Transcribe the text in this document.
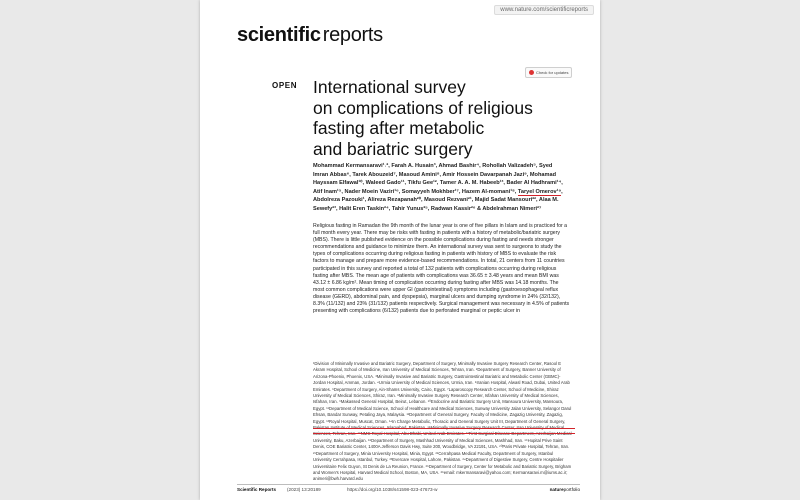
www.nature.com/scientificreports
scientific reports
OPEN
Check for updates
International survey
on complications of religious
fasting after metabolic
and bariatric surgery
Mohammad Kermansaravi¹˒², Farah A. Husain³, Ahmad Bashir⁴, Rohollah Valizadeh⁵, Syed Imran Abbas⁶, Tarek Abouzeid⁷, Masoud Amini⁸, Amir Hossein Davarpanah Jazi⁹, Mohamad Hayssam Elfawal¹⁰, Waleed Gado¹¹, Tikfu Gee¹², Tamer A. A. M. Habeeb¹³, Bader Al Hadhrami¹⁴, Atif Inam¹⁵, Nader Moein Vaziri¹⁶, Somayyeh Mokhber¹⁷, Hazem Al-momani¹⁸, Taryel Omerov¹⁹, Abdolreza Pazouki¹, Alireza Rezapanah²⁰, Masoud Rezvani²¹, Majid Sadat Mansouri²², Alaa M. Sewefy²³, Halit Eren Taskin²⁴, Tahir Yunus²⁵, Radwan Kassir²⁶ & Abdelrahman Nimeri²⁷
Religious fasting in Ramadan the 9th month of the lunar year is one of five pillars in Islam and is practiced for a full month every year. There may be risks with fasting in patients with a history of metabolic/bariatric surgery (MBS). There is little published evidence on the possible complications during fasting and needs stronger recommendations and guidance to minimize them. An international survey was sent to surgeons to study the types of complications occurring during religious fasting in patients with history of MBS to evaluate the risk factors to manage and prepare more evidence-based recommendations. In total, 21 centers from 11 countries participated in this survey and reported a total of 132 patients with complications occurring during religious fasting after MBS. The mean age of patients with complications was 36.65 ± 3.48 years and mean BMI was 43.12 ± 6.86 kg/m². Mean timing of complication occurring during fasting after MBS was 14.18 months. The most common complications were upper GI (gastrointestinal) symptoms including (gastroesophageal reflux disease (GERD), abdominal pain, and dyspepsia), marginal ulcers and dumping syndrome in 24% (32/132), 8.3% (11/132) and 23% (31/132) patients respectively. Surgical management was necessary in 4.5% of patients presenting with complications (6/132) patients due to perforated marginal or peptic ulcer in
¹Division of Minimally Invasive and Bariatric Surgery, Department of Surgery, Minimally Invasive Surgery Research Center, Rasool E Akram Hospital, School of Medicine, Iran University of Medical Sciences, Tehran, Iran. ²Department of Surgery, Banner University of Arizona-Phoenix, Phoenix, USA. ³Minimally Invasive and Bariatric Surgery, Gastrointestinal Bariatric and Metabolic Center (GBMC)-Jordan Hospital, Amman, Jordan. ⁴Urmia University of Medical Sciences, Urmia, Iran. ⁵Iranian Hospital, Alwasl Road, Dubai, United Arab Emirates. ⁶Department of Surgery, Ain-Shams University, Cairo, Egypt. ⁷Laparoscopy Research Center, School of Medicine, Shiraz University of Medical Sciences, Shiraz, Iran. ⁸Minimally Invasive Surgery Research Center, Isfahan University of Medical Sciences, Isfahan, Iran. ⁹Makassed General Hospital, Beirut, Lebanon. ¹⁰Endocrine and Bariatric Surgery Unit, Mansoura University, Mansoura, Egypt. ¹¹Department of Medical Science, School of Healthcare and Medical Sciences, Sunway University Jalan University, Selangor Darul Ehsan, Bandar Sunway, Petaling Jaya, Malaysia. ¹²Department of General Surgery, Faculty of Medicine, Zagazig University, Zagazig, Egypt. ¹³Royal Hospital, Muscat, Oman. ¹⁴In Charge Metabolic, Thoracic and General Surgery Unit III, Department of General Surgery, Pakistan Institute of Medical Sciences, Islamabad, Pakistan. ¹⁵Minimally Invasive Surgery Research Center, Iran University of Medical Sciences, Tehran, Iran. ¹⁶NMC Royal Hospital, Abu Dhabi, United Arab Emirates. ¹⁷First Surgical Disease Department, Azerbaijan Medical University, Baku, Azerbaijan. ¹⁸Department of Surgery, Mashhad University of Medical Sciences, Mashhad, Iran. ¹⁹Hopital Prive Saint Denis, COE Bariatric Center, 1400A Jefferson Davis Hwy, Suite 200, Woodbridge, VA 22191, USA. ²⁰Paris Private Hospital, Tehran, Iran. ²¹Department of Surgery, Minia University Hospital, Minia, Egypt. ²²Cerrahpasa Medical Faculty, Department of Surgery, Istanbul University Cerrahpasa, Istanbul, Turkey. ²³Evercare Hospital, Lahore, Pakistan. ²⁴Department of Digestive Surgery, Centre Hospitalier Universitaire Felix Guyon, St Denis de La Reunion, France. ²⁵Department of Surgery, Center for Metabolic and Bariatric Surgery, Brigham and Women's Hospital, Harvard Medical School, Boston, MA, USA. ²⁶email: mkermansaravi@yahoo.com; Kermansaravi.m@iums.ac.ir; animeri@bwh.harvard.edu
Scientific Reports	(2023) 13:20189	https://doi.org/10.1038/s41598-023-47673-w	natureportfolio
